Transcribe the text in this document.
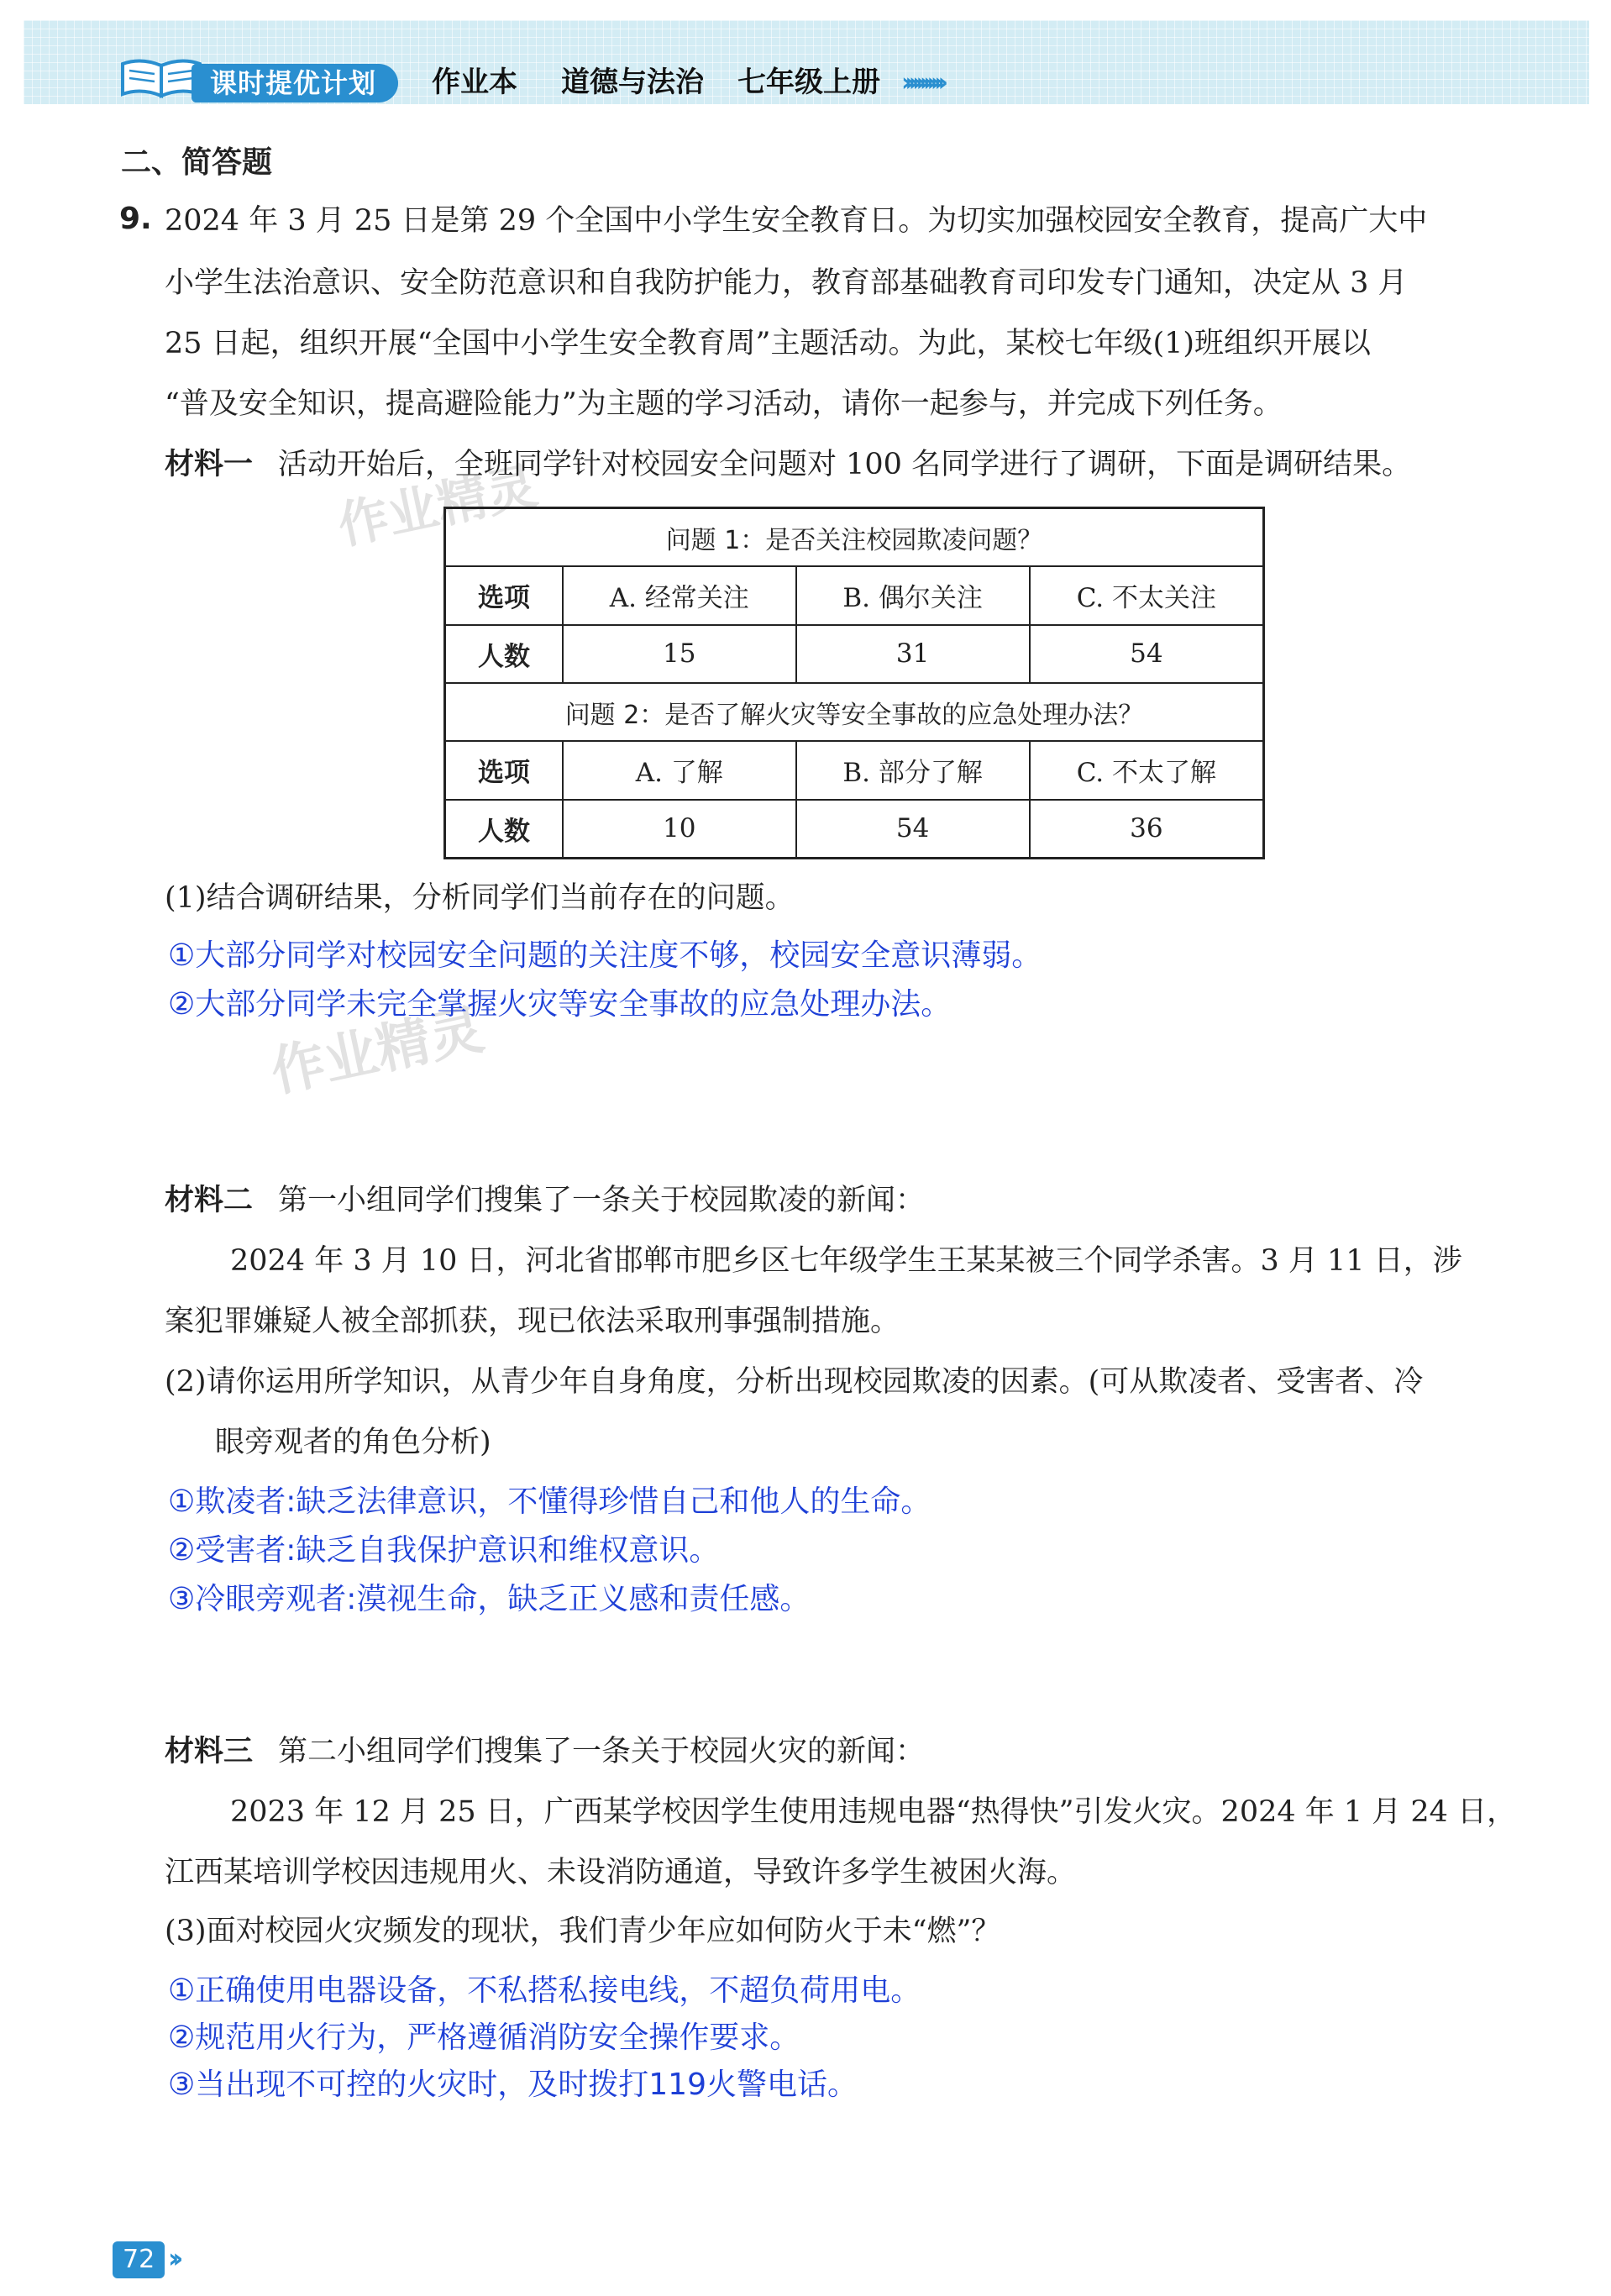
课时提优计划	作业本 道德与法治 七年级上册 ›››››››››››
作业精灵
作业精灵
二、简答题
9. 2024 年 3 月 25 日是第 29 个全国中小学生安全教育日。为切实加强校园安全教育，提高广大中
小学生法治意识、安全防范意识和自我防护能力，教育部基础教育司印发专门通知，决定从 3 月
25 日起，组织开展“全国中小学生安全教育周”主题活动。为此，某校七年级(1)班组织开展以
“普及安全知识，提高避险能力”为主题的学习活动，请你一起参与，并完成下列任务。
材料一 活动开始后，全班同学针对校园安全问题对 100 名同学进行了调研，下面是调研结果。
问题 1：是否关注校园欺凌问题？			
选项	A. 经常关注	B. 偶尔关注	C. 不太关注
人数	15	31	54
问题 2：是否了解火灾等安全事故的应急处理办法？			
选项	A. 了解	B. 部分了解	C. 不太了解
人数	10	54	36
(1)结合调研结果，分析同学们当前存在的问题。
①大部分同学对校园安全问题的关注度不够，校园安全意识薄弱。
②大部分同学未完全掌握火灾等安全事故的应急处理办法。
材料二 第一小组同学们搜集了一条关于校园欺凌的新闻：
2024 年 3 月 10 日，河北省邯郸市肥乡区七年级学生王某某被三个同学杀害。3 月 11 日，涉
案犯罪嫌疑人被全部抓获，现已依法采取刑事强制措施。
(2)请你运用所学知识，从青少年自身角度，分析出现校园欺凌的因素。(可从欺凌者、受害者、冷
眼旁观者的角色分析)
①欺凌者:缺乏法律意识，不懂得珍惜自己和他人的生命。
②受害者:缺乏自我保护意识和维权意识。
③冷眼旁观者:漠视生命，缺乏正义感和责任感。
材料三 第二小组同学们搜集了一条关于校园火灾的新闻：
2023 年 12 月 25 日，广西某学校因学生使用违规电器“热得快”引发火灾。2024 年 1 月 24 日，
江西某培训学校因违规用火、未设消防通道，导致许多学生被困火海。
(3)面对校园火灾频发的现状，我们青少年应如何防火于未“燃”？
①正确使用电器设备，不私搭私接电线，不超负荷用电。
②规范用火行为，严格遵循消防安全操作要求。
③当出现不可控的火灾时，及时拨打119火警电话。
72 ››
